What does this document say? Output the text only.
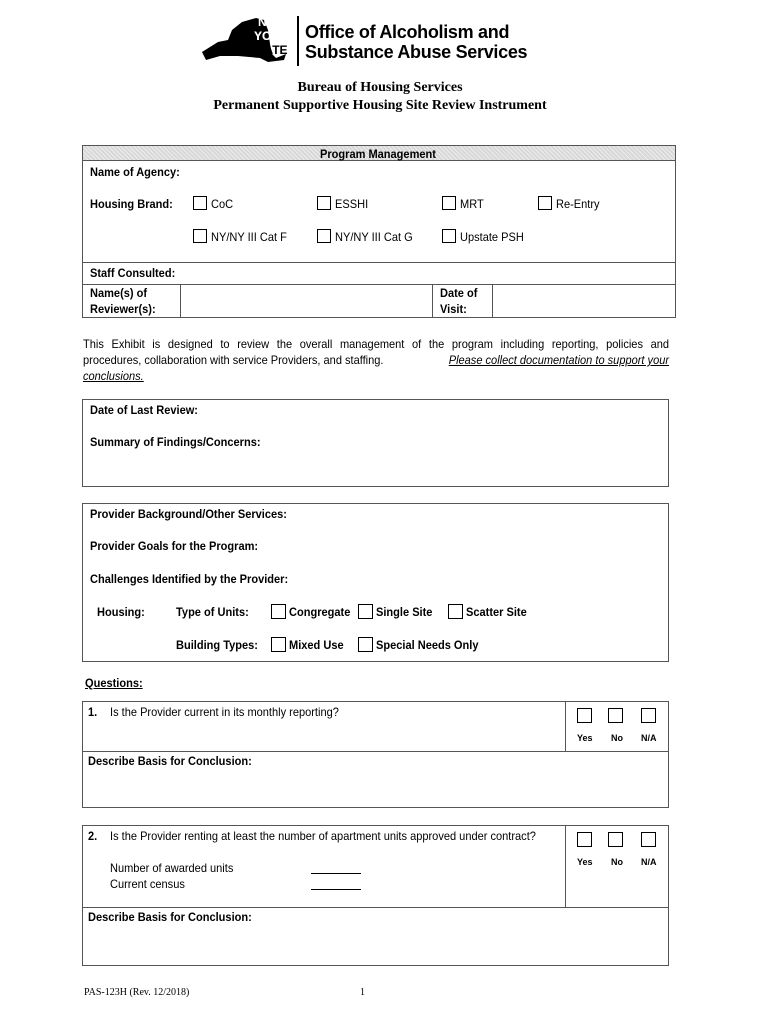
NEW
YORK
STATE
Office of Alcoholism and
Substance Abuse Services
Bureau of Housing Services
Permanent Supportive Housing Site Review Instrument
Program Management
Name of Agency:
Housing Brand:	CoC	ESSHI	MRT	Re-Entry
NY/NY III Cat F	NY/NY III Cat G	Upstate PSH
Staff Consulted:
Name(s) of
Reviewer(s):
Date of
Visit:
This Exhibit is designed to review the overall management of the program including reporting, policies and
procedures, collaboration with service Providers, and staffing.	Please collect documentation to support your
conclusions.
Date of Last Review:
Summary of Findings/Concerns:
Provider Background/Other Services:
Provider Goals for the Program:
Challenges Identified by the Provider:
Housing:	Type of Units:	Congregate Single Site	Scatter Site
Building Types:	Mixed Use	Special Needs Only
Questions:
1. Is the Provider current in its monthly reporting?
Yes No N/A
Describe Basis for Conclusion:
2. Is the Provider renting at least the number of apartment units approved under contract?
Number of awarded units
Current census
Yes No N/A
Describe Basis for Conclusion:
PAS-123H (Rev. 12/2018)	1
